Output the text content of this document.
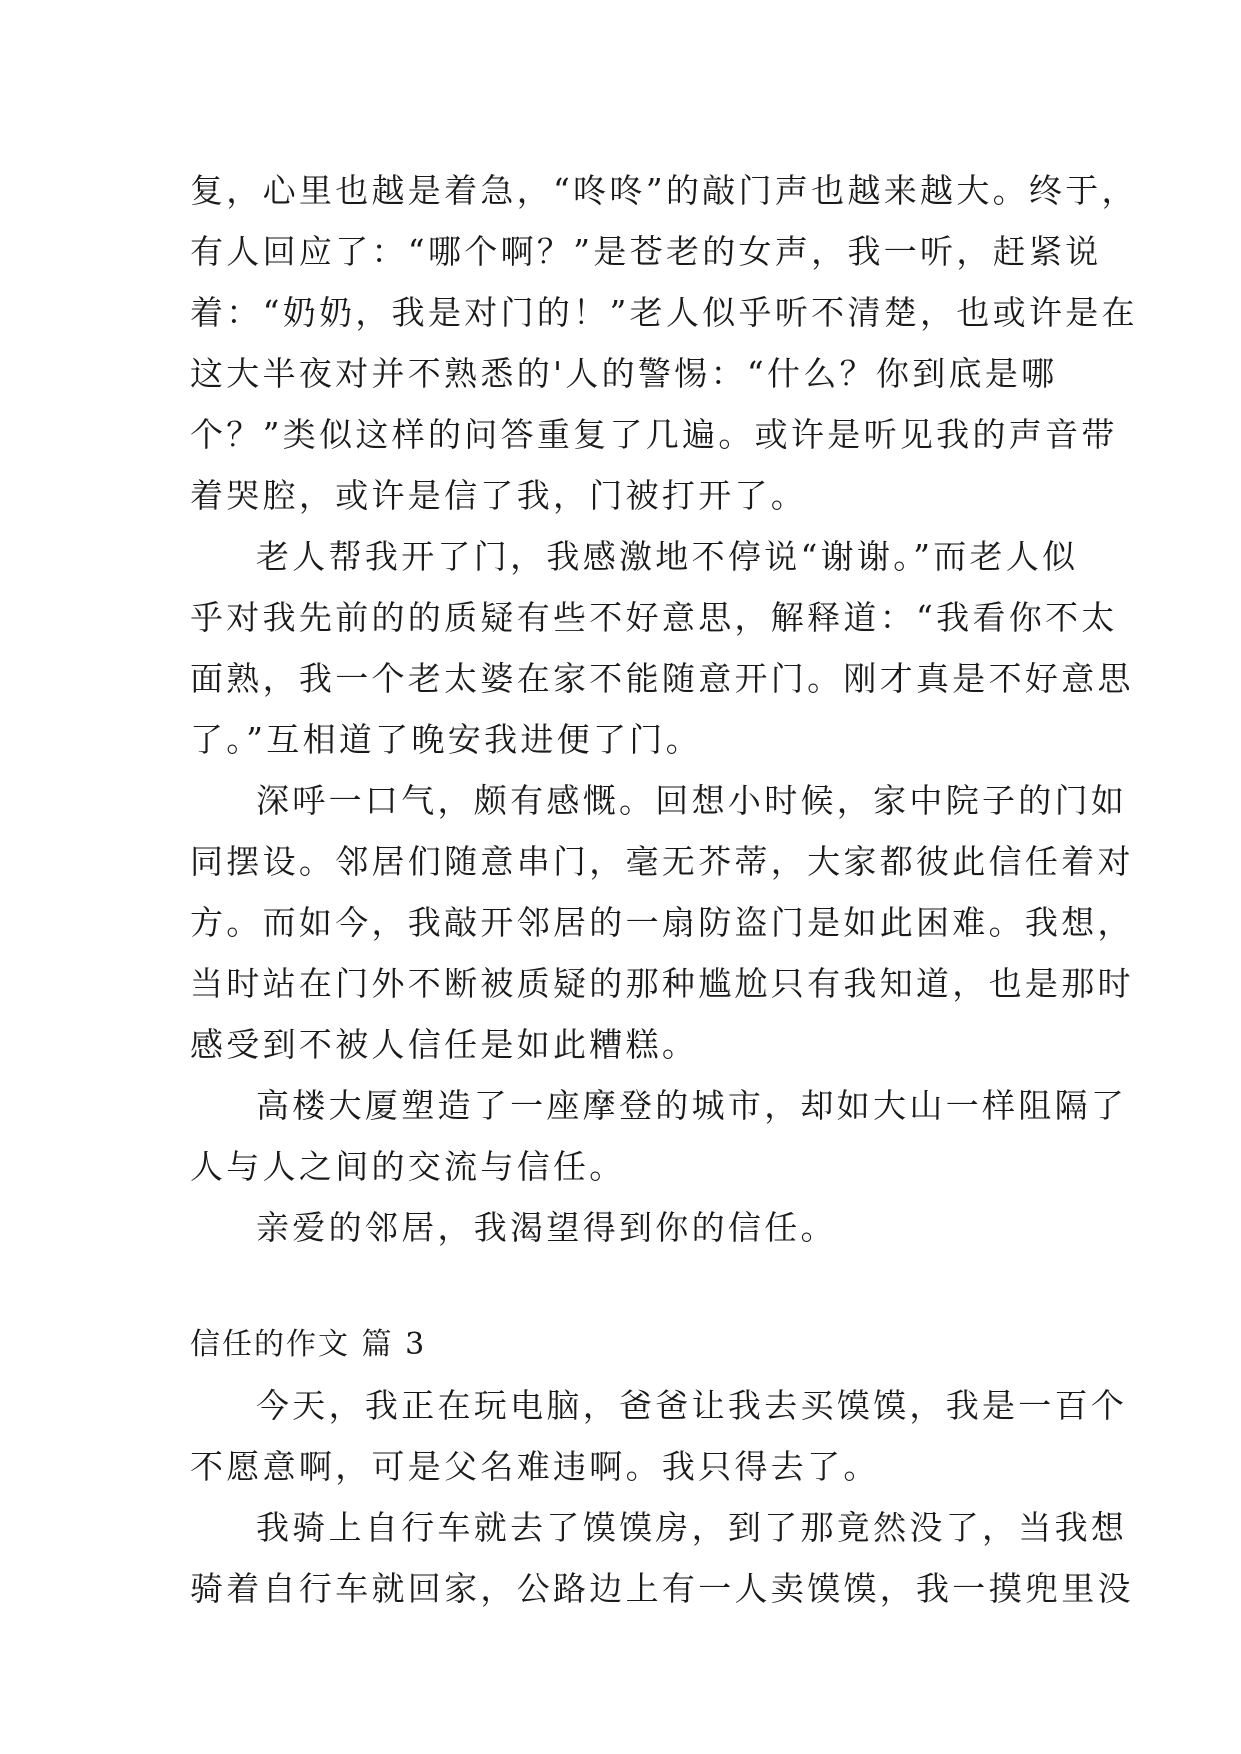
复，心里也越是着急，“咚咚”的敲门声也越来越大。终于，
有人回应了：“哪个啊？”是苍老的女声，我一听，赶紧说
着：“奶奶，我是对门的！”老人似乎听不清楚，也或许是在
这大半夜对并不熟悉的'人的警惕：“什么？你到底是哪
个？”类似这样的问答重复了几遍。或许是听见我的声音带
着哭腔，或许是信了我，门被打开了。
老人帮我开了门，我感激地不停说“谢谢。”而老人似
乎对我先前的的质疑有些不好意思，解释道：“我看你不太
面熟，我一个老太婆在家不能随意开门。刚才真是不好意思
了。”互相道了晚安我进便了门。
深呼一口气，颇有感慨。回想小时候，家中院子的门如
同摆设。邻居们随意串门，毫无芥蒂，大家都彼此信任着对
方。而如今，我敲开邻居的一扇防盗门是如此困难。我想，
当时站在门外不断被质疑的那种尴尬只有我知道，也是那时
感受到不被人信任是如此糟糕。
高楼大厦塑造了一座摩登的城市，却如大山一样阻隔了
人与人之间的交流与信任。
亲爱的邻居，我渴望得到你的信任。
信任的作文 篇 3
今天，我正在玩电脑，爸爸让我去买馍馍，我是一百个
不愿意啊，可是父名难违啊。我只得去了。
我骑上自行车就去了馍馍房，到了那竟然没了，当我想
骑着自行车就回家，公路边上有一人卖馍馍，我一摸兜里没
